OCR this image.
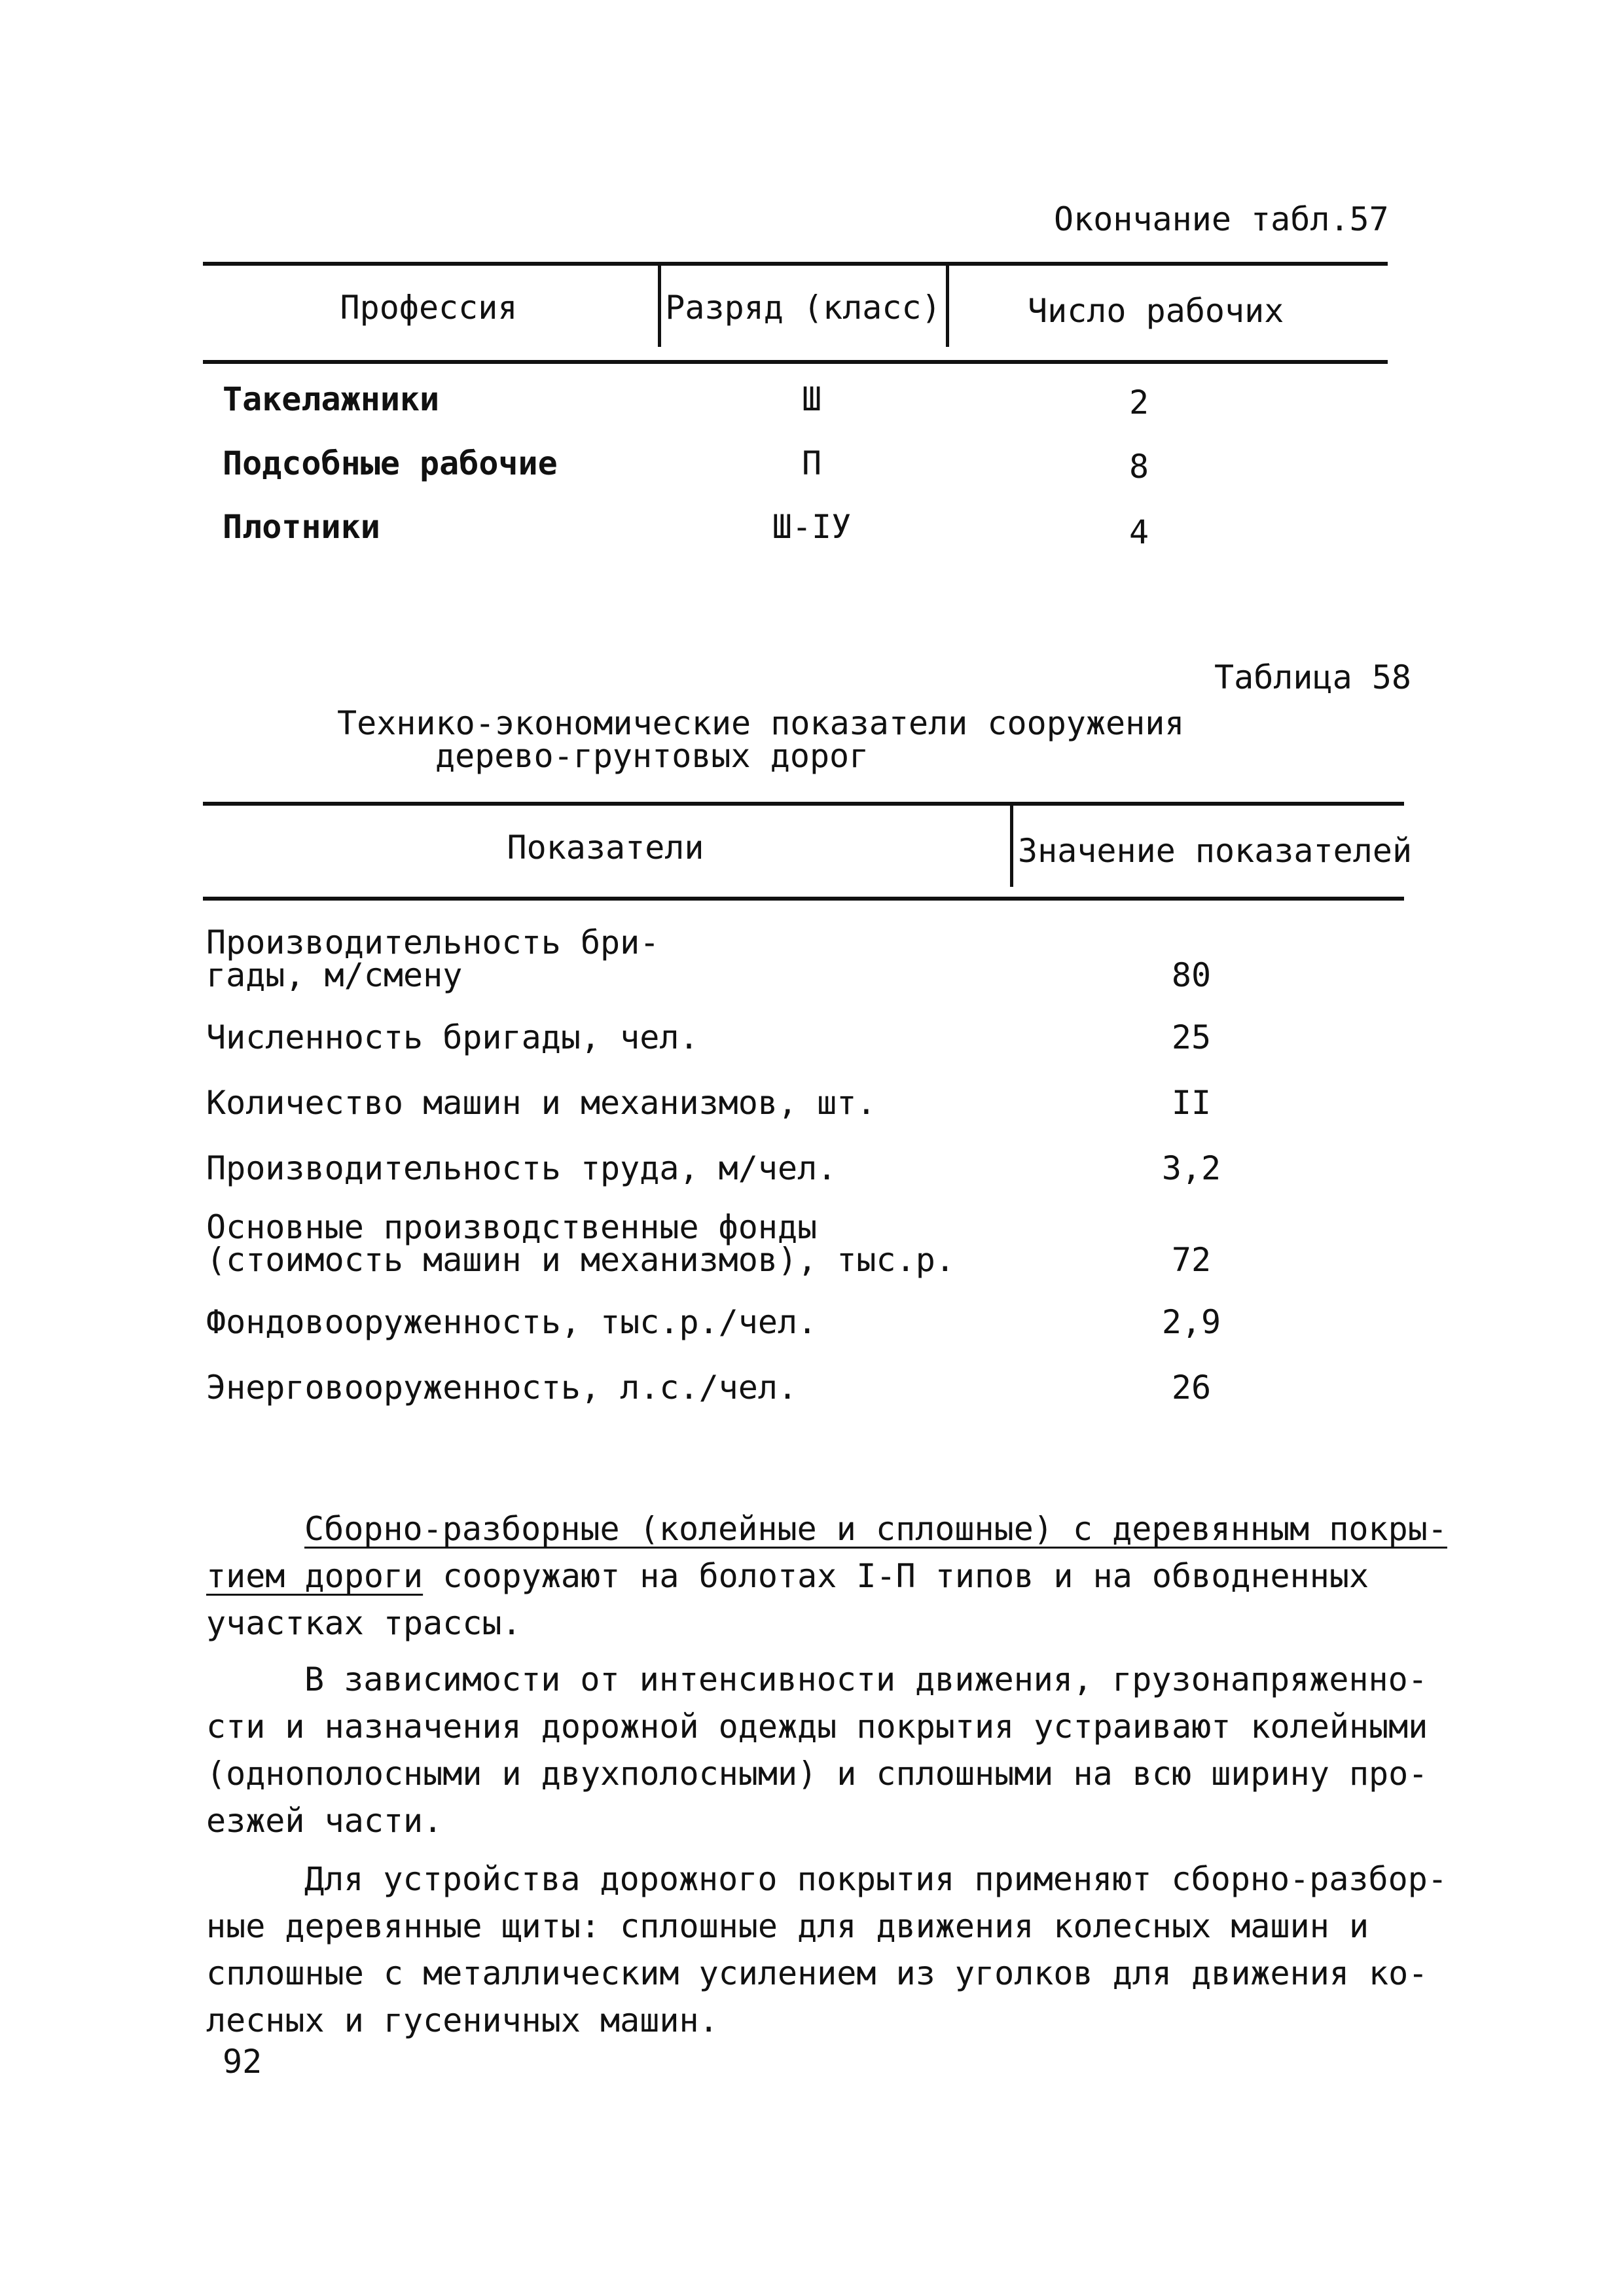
Окончание табл.57
Профессия	Разряд (класс)	Число рабочих
Такелажники	Ш	2
Подсобные рабочие	П	8
Плотники	Ш-IУ	4
Таблица 58
Технико-экономические показатели сооружения
дерево-грунтовых дорог
Показатели	Значение показателей
Производительность бри-
гады, м/смену	80
Численность бригады, чел.	25
Количество машин и механизмов, шт.	II
Производительность труда, м/чел.	3,2
Основные производственные фонды
(стоимость машин и механизмов), тыс.р.	72
Фондовооруженность, тыс.р./чел.	2,9
Энерговооруженность, л.с./чел.	26
Сборно-разборные (колейные и сплошные) с деревянным покры-
тием дороги сооружают на болотах I-П типов и на обводненных
участках трассы.
В зависимости от интенсивности движения, грузонапряженно-
сти и назначения дорожной одежды покрытия устраивают колейными
(однополосными и двухполосными) и сплошными на всю ширину про-
езжей части.
Для устройства дорожного покрытия применяют сборно-разбор-
ные деревянные щиты: сплошные для движения колесных машин и
сплошные с металлическим усилением из уголков для движения ко-
лесных и гусеничных машин.
92
